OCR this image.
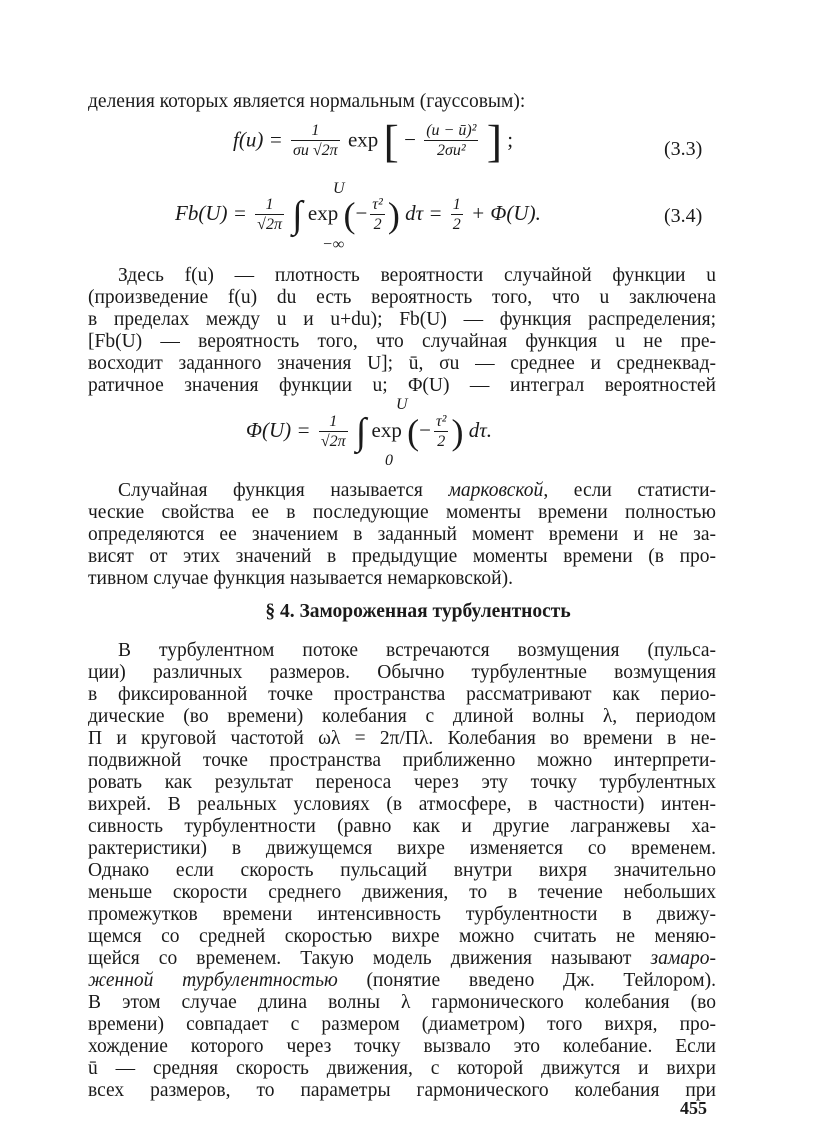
деления которых является нормальным (гауссовым):
$f(u) = \frac{1}{\sigma u √2\pi}$ exp [ − $\frac{\text{(u − ū)²}}{\text{2σu²}}$ ] ;	(3.3)
U
$Fb(U) = \frac{1}{√2\pi}$ ∫ exp (− $\frac{\text{τ²}}{2}$ ) $d\tau = \frac{1}{2} + \Phi(U)$.
−∞
(3.4)
Здесь f(u) — плотность вероятности случайной функции u
(произведение f(u) du есть вероятность того, что u заключена
в пределах между u и u+du); Fb(U) — функция распределения;
[Fb(U) — вероятность того, что случайная функция u не пре-
восходит заданного значения U]; ū, σu — среднее и среднеквад-
ратичное значения функции u; Φ(U) — интеграл вероятностей
U
$\Phi(U) = \frac{1}{√2\pi}$ ∫ exp (− $\frac{\text{τ²}}{2}$ ) dτ.
0
Случайная функция называется марковской, если статисти-
ческие свойства ее в последующие моменты времени полностью
определяются ее значением в заданный момент времени и не за-
висят от этих значений в предыдущие моменты времени (в про-
тивном случае функция называется немарковской).
§ 4. Замороженная турбулентность
В турбулентном потоке встречаются возмущения (пульса-
ции) различных размеров. Обычно турбулентные возмущения
в фиксированной точке пространства рассматривают как перио-
дические (во времени) колебания с длиной волны λ, периодом
Π и круговой частотой ωλ = 2π/Πλ. Колебания во времени в не-
подвижной точке пространства приближенно можно интерпрети-
ровать как результат переноса через эту точку турбулентных
вихрей. В реальных условиях (в атмосфере, в частности) интен-
сивность турбулентности (равно как и другие лагранжевы ха-
рактеристики) в движущемся вихре изменяется со временем.
Однако если скорость пульсаций внутри вихря значительно
меньше скорости среднего движения, то в течение небольших
промежутков времени интенсивность турбулентности в движу-
щемся со средней скоростью вихре можно считать не меняю-
щейся со временем. Такую модель движения называют замаро-
женной турбулентностью (понятие введено Дж. Тейлором).
В этом случае длина волны λ гармонического колебания (во
времени) совпадает с размером (диаметром) того вихря, про-
хождение которого через точку вызвало это колебание. Если
ū — средняя скорость движения, с которой движутся и вихри
всех размеров, то параметры гармонического колебания при
455
